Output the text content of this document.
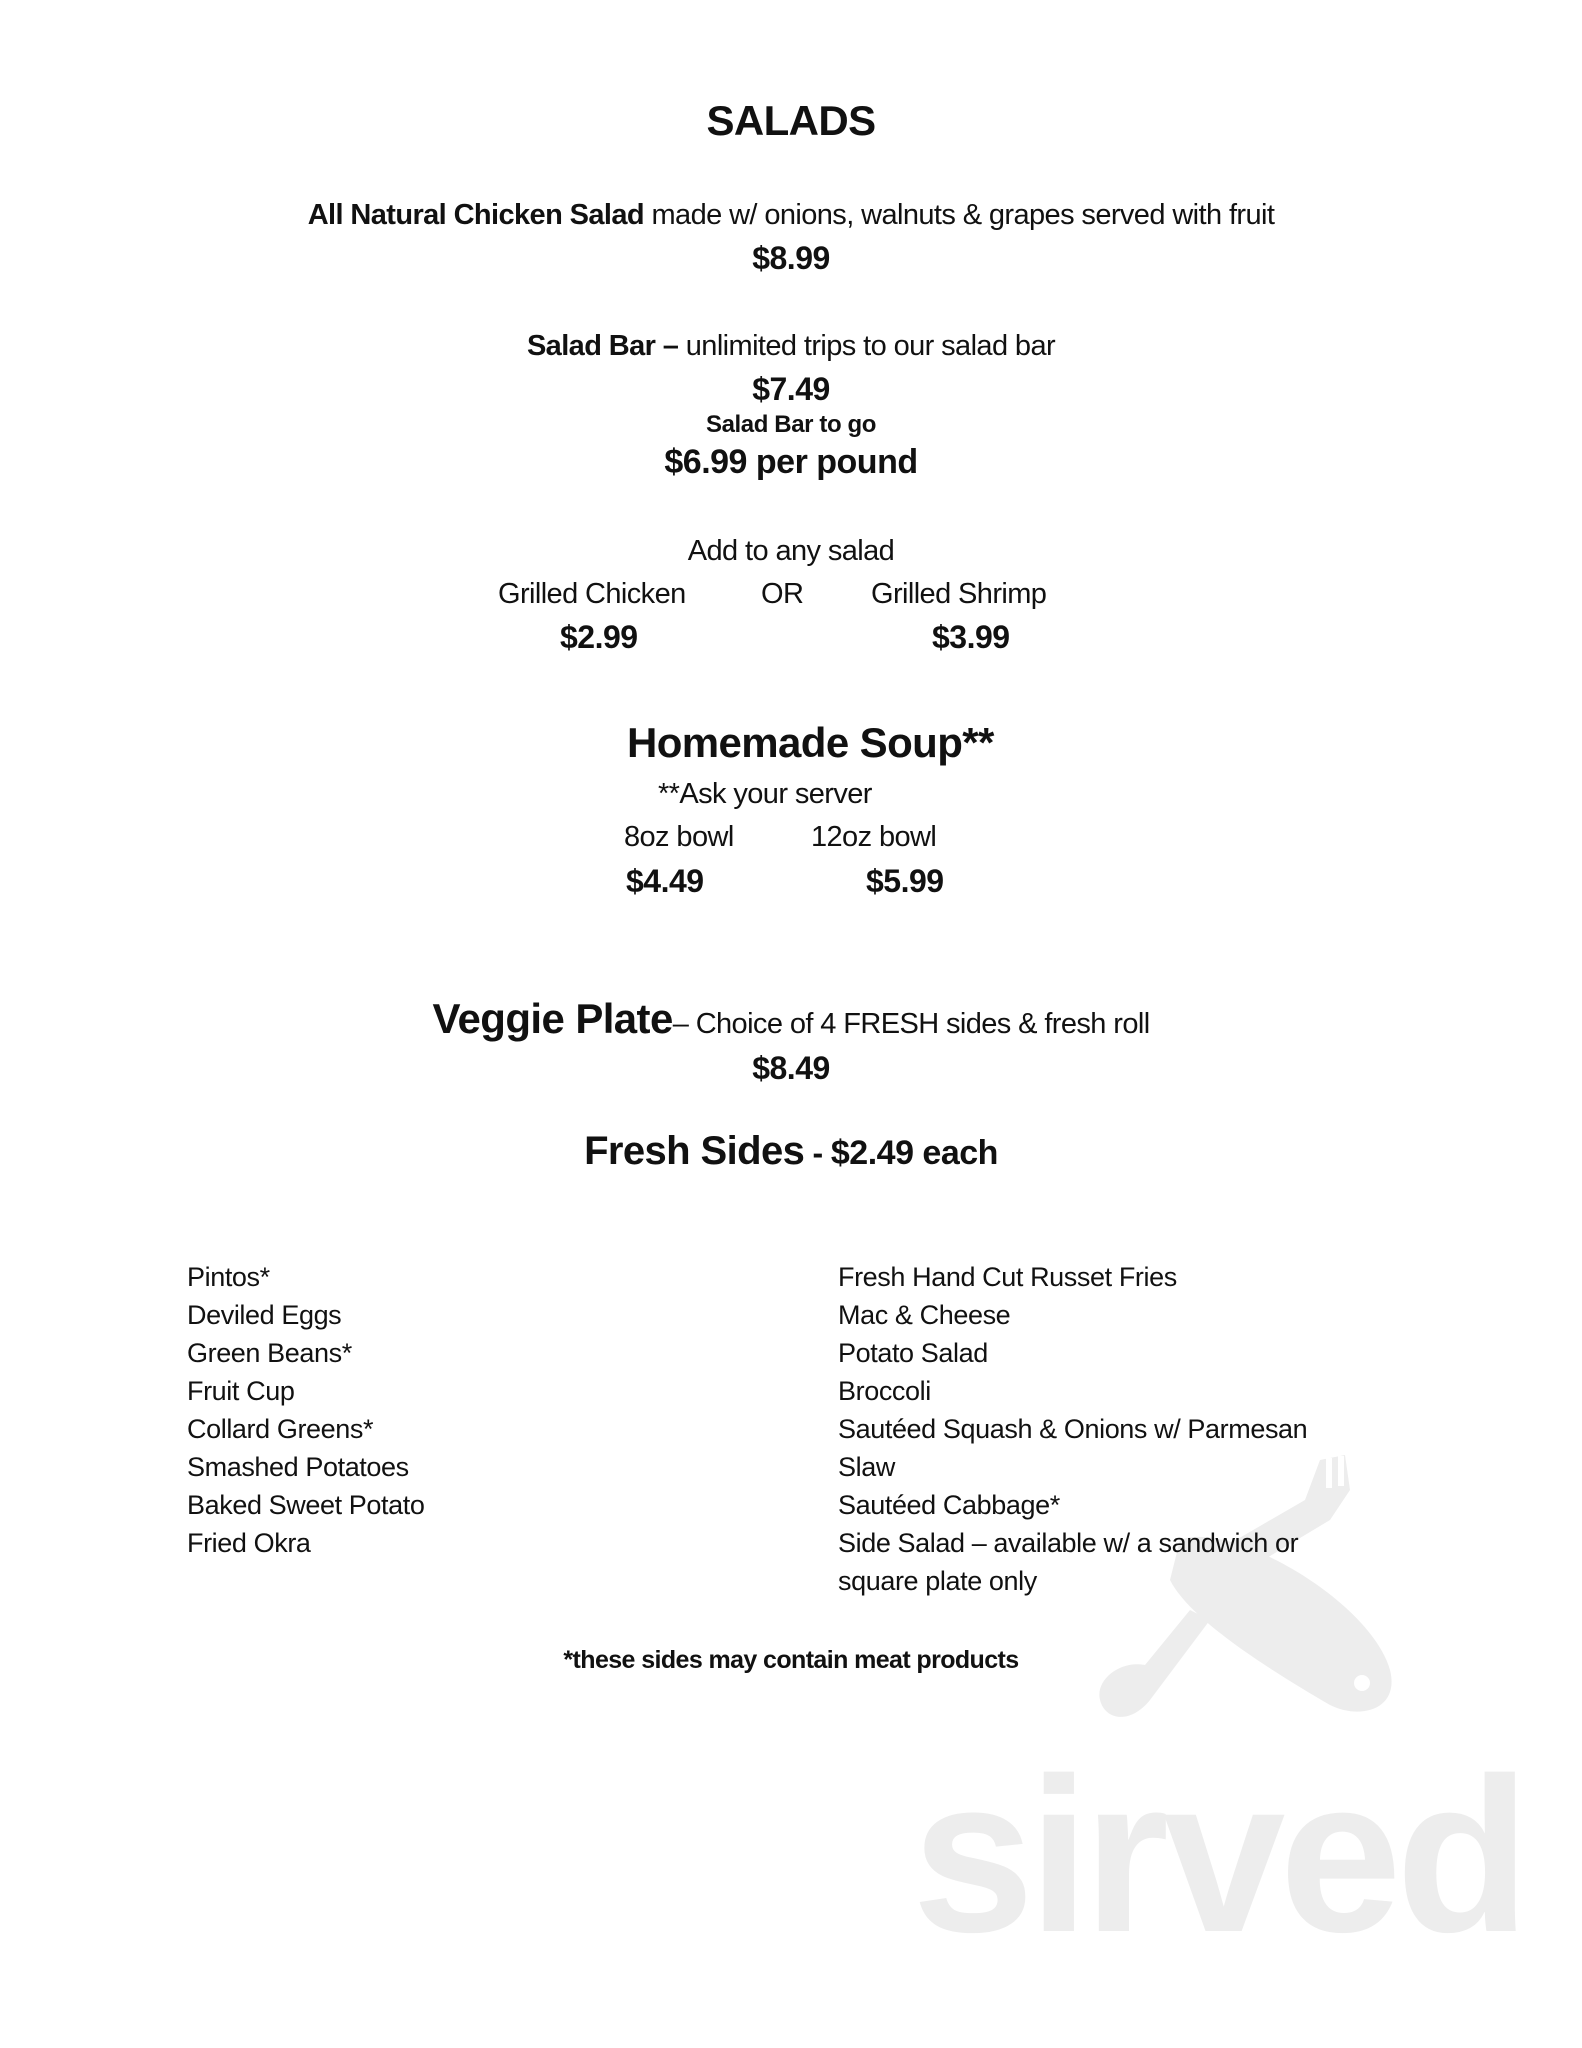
sirved
SALADS
All Natural Chicken Salad made w/ onions, walnuts & grapes served with fruit
$8.99
Salad Bar – unlimited trips to our salad bar
$7.49
Salad Bar to go
$6.99 per pound
Add to any salad
Grilled Chicken	OR Grilled Shrimp
$2.99	$3.99
Homemade Soup**
**Ask your server
8oz bowl	12oz bowl
$4.49	$5.99
Veggie Plate– Choice of 4 FRESH sides & fresh roll
$8.49
Fresh Sides - $2.49 each
Pintos*
Deviled Eggs
Green Beans*
Fruit Cup
Collard Greens*
Smashed Potatoes
Baked Sweet Potato
Fried Okra
Fresh Hand Cut Russet Fries
Mac & Cheese
Potato Salad
Broccoli
Sautéed Squash & Onions w/ Parmesan
Slaw
Sautéed Cabbage*
Side Salad – available w/ a sandwich or
square plate only
*these sides may contain meat products
